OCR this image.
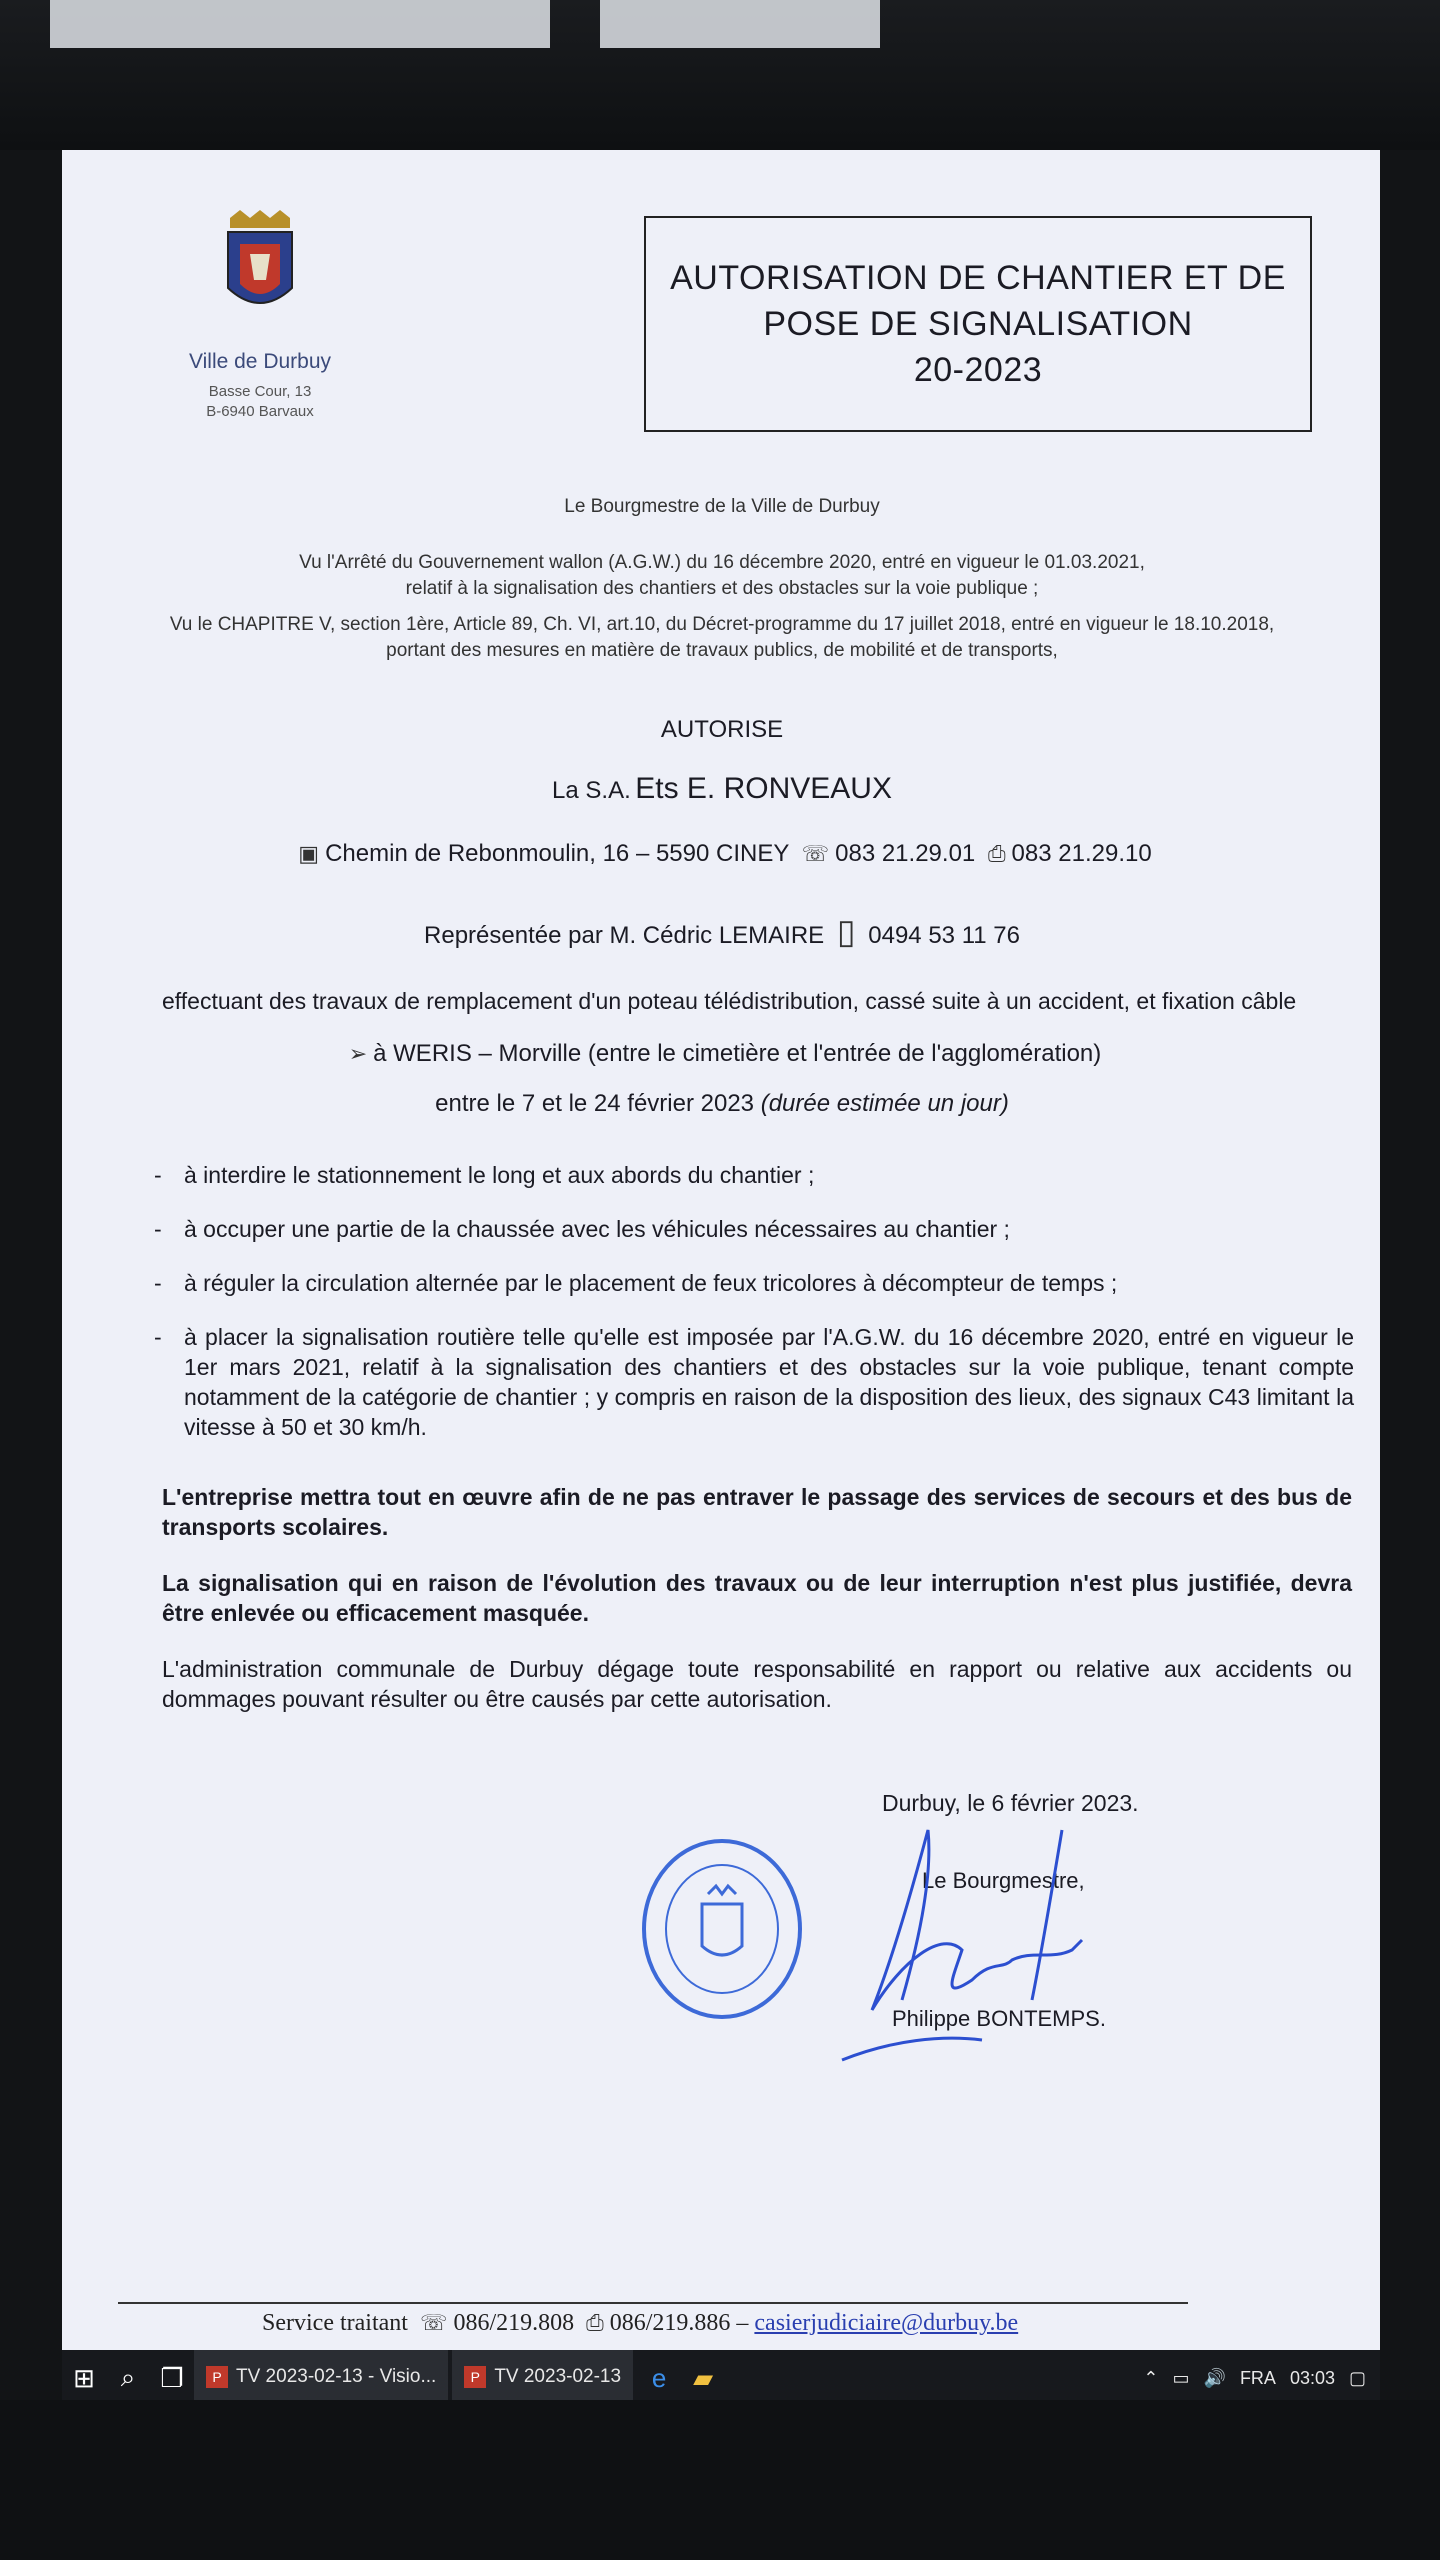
Ville de Durbuy
Basse Cour, 13
B-6940 Barvaux
AUTORISATION DE CHANTIER ET DE
POSE DE SIGNALISATION
20-2023
Le Bourgmestre de la Ville de Durbuy
Vu l'Arrêté du Gouvernement wallon (A.G.W.) du 16 décembre 2020, entré en vigueur le 01.03.2021,
relatif à la signalisation des chantiers et des obstacles sur la voie publique ;
Vu le CHAPITRE V, section 1ère, Article 89, Ch. VI, art.10, du Décret-programme du 17 juillet 2018, entré en vigueur le 18.10.2018,
portant des mesures en matière de travaux publics, de mobilité et de transports,
AUTORISE
La S.A. Ets E. RONVEAUX
▣ Chemin de Rebonmoulin, 16 – 5590 CINEY ☏ 083 21.29.01 ⎙ 083 21.29.10
Représentée par M. Cédric LEMAIRE ▯ 0494 53 11 76
effectuant des travaux de remplacement d'un poteau télédistribution, cassé suite à un accident, et fixation câble
➢ à WERIS – Morville (entre le cimetière et l'entrée de l'agglomération)
entre le 7 et le 24 février 2023 (durée estimée un jour)
- à interdire le stationnement le long et aux abords du chantier ;
- à occuper une partie de la chaussée avec les véhicules nécessaires au chantier ;
- à réguler la circulation alternée par le placement de feux tricolores à décompteur de temps ;
- à placer la signalisation routière telle qu'elle est imposée par l'A.G.W. du 16 décembre 2020, entré en vigueur le 1er mars 2021, relatif à la signalisation des chantiers et des obstacles sur la voie publique, tenant compte notamment de la catégorie de chantier ; y compris en raison de la disposition des lieux, des signaux C43 limitant la vitesse à 50 et 30 km/h.
L'entreprise mettra tout en œuvre afin de ne pas entraver le passage des services de secours et des bus de transports scolaires.
La signalisation qui en raison de l'évolution des travaux ou de leur interruption n'est plus justifiée, devra être enlevée ou efficacement masquée.
L'administration communale de Durbuy dégage toute responsabilité en rapport ou relative aux accidents ou dommages pouvant résulter ou être causés par cette autorisation.
Durbuy, le 6 février 2023.
Le Bourgmestre,
Philippe BONTEMPS.
Service traitant ☏ 086/219.808 ⎙ 086/219.886 – casierjudiciaire@durbuy.be
⊞ ⌕ ❐	P TV 2023-02-13 - Visio...	P TV 2023-02-13	e	▰	⌃ ▭ 🔊 FRA 03:03 ▢
